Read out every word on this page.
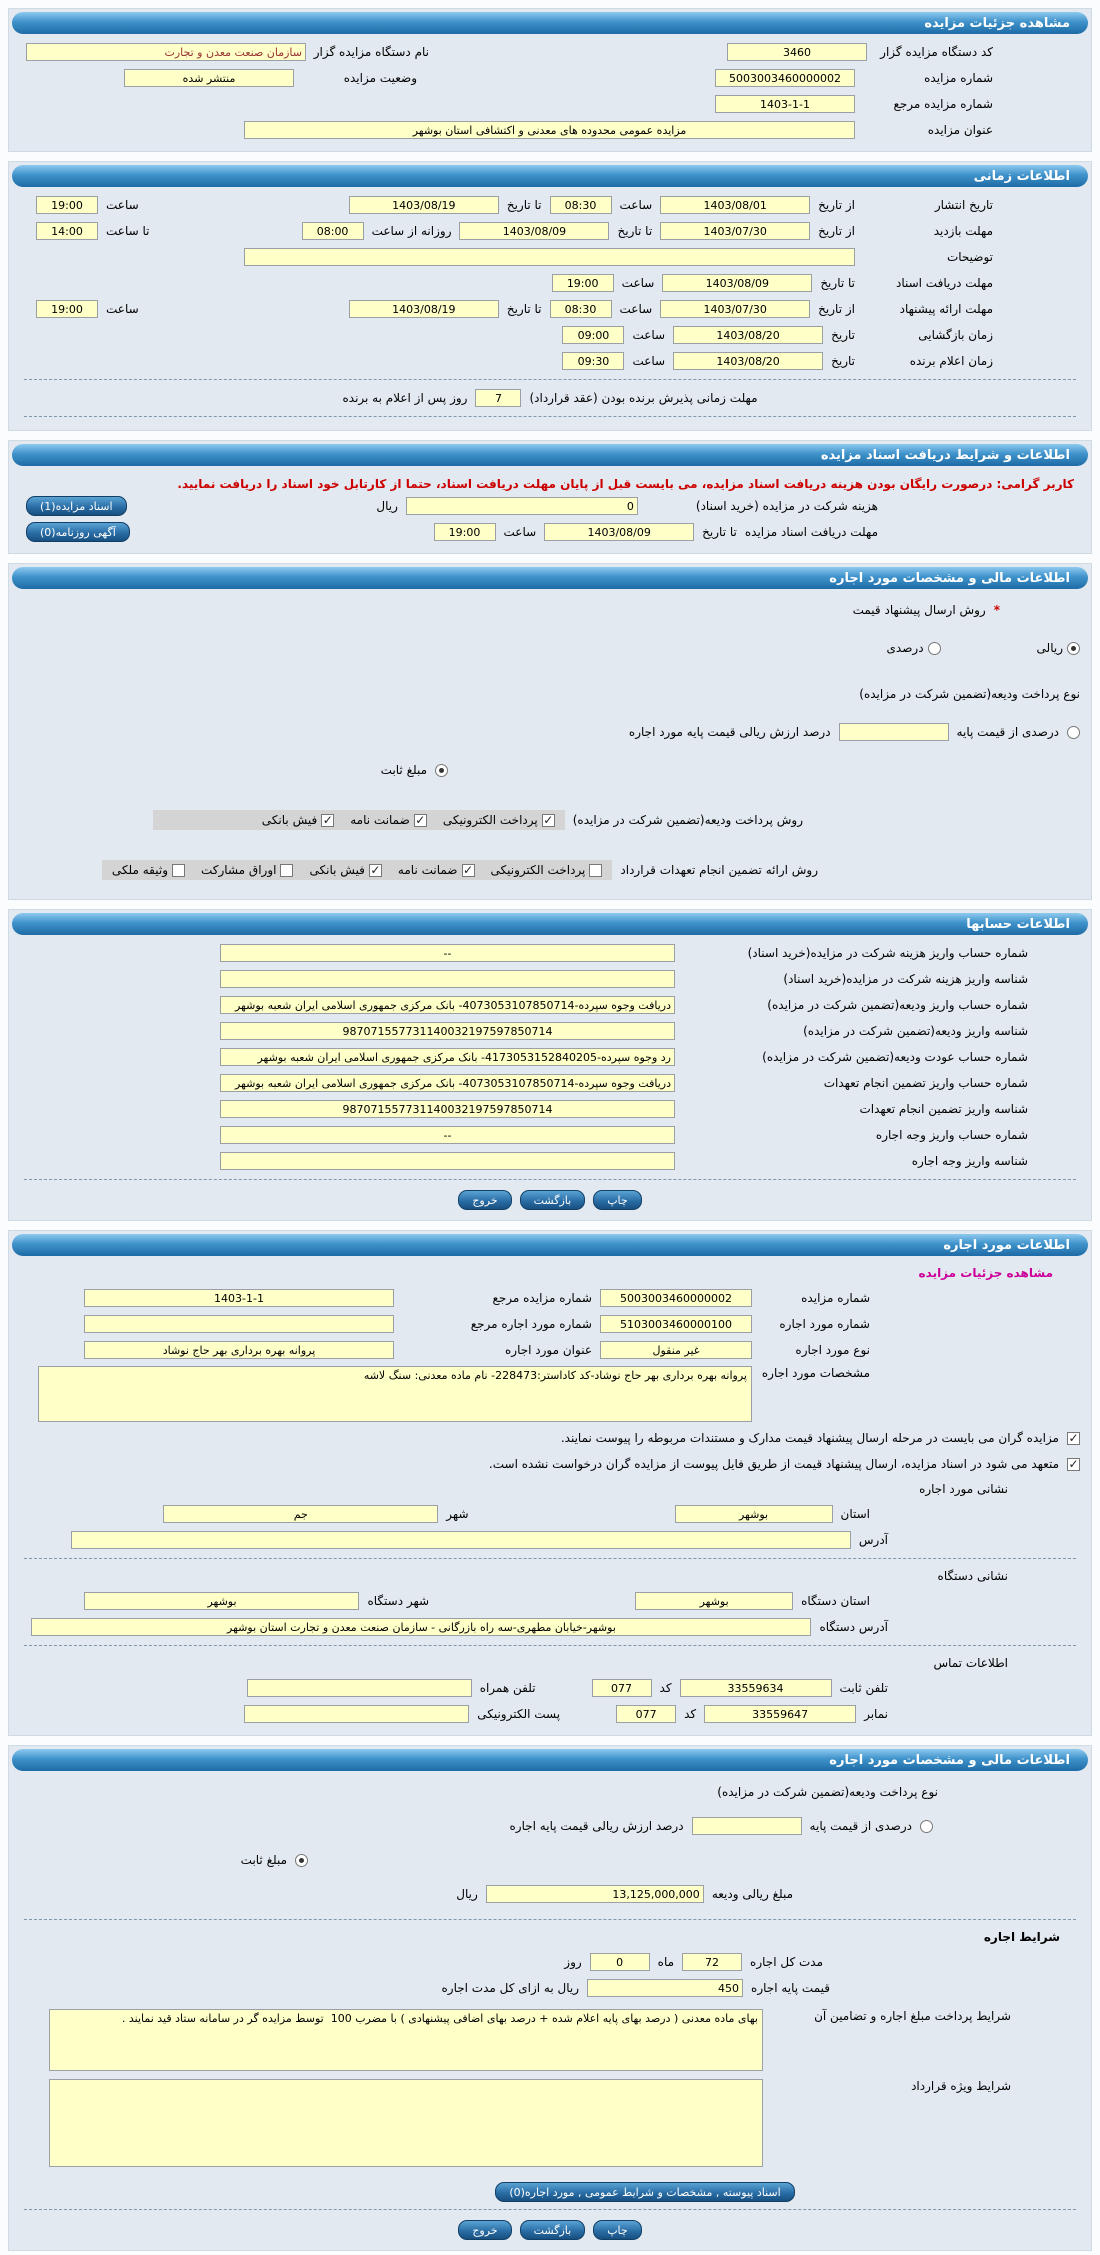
مشاهده جزئیات مزایده
کد دستگاه مزایده گزار
3460
نام دستگاه مزایده گزار
سازمان صنعت معدن و تجارت
شماره مزایده
5003003460000002
وضعیت مزایده
منتشر شده
شماره مزایده مرجع
1403-1-1
عنوان مزایده
مزایده عمومی محدوده های معدنی و اکتشافی استان بوشهر
اطلاعات زمانی
تاریخ انتشار
از تاریخ
1403/08/01
ساعت
08:30
تا تاریخ
1403/08/19
ساعت
19:00
مهلت بازدید
از تاریخ
1403/07/30
تا تاریخ
1403/08/09
روزانه از ساعت
08:00
تا ساعت
14:00
توضیحات
مهلت دریافت اسناد
تا تاریخ
1403/08/09
ساعت
19:00
مهلت ارائه پیشنهاد
از تاریخ
1403/07/30
ساعت
08:30
تا تاریخ
1403/08/19
ساعت
19:00
زمان بازگشایی
تاریخ
1403/08/20
ساعت
09:00
زمان اعلام برنده
تاریخ
1403/08/20
ساعت
09:30
مهلت زمانی پذیرش برنده بودن (عقد قرارداد)
7
روز پس از اعلام به برنده
اطلاعات و شرایط دریافت اسناد مزایده
کاربر گرامی: درصورت رایگان بودن هزینه دریافت اسناد مزایده، می بایست قبل از پایان مهلت دریافت اسناد، حتما از کارتابل خود اسناد را دریافت نمایید.
هزینه شرکت در مزایده (خرید اسناد)
0
ریال
اسناد مزایده(1)
مهلت دریافت اسناد مزایده
تا تاریخ
1403/08/09
ساعت
19:00
آگهی روزنامه(0)
اطلاعات مالی و مشخصات مورد اجاره
*
روش ارسال پیشنهاد قیمت
ریالی
درصدی
نوع پرداخت ودیعه(تضمین شرکت در مزایده)
درصدی از قیمت پایه
درصد ارزش ریالی قیمت پایه مورد اجاره
مبلغ ثابت
روش پرداخت ودیعه(تضمین شرکت در مزایده)
✓
پرداخت الکترونیکی
✓
ضمانت نامه
✓
فیش بانکی
روش ارائه تضمین انجام تعهدات قرارداد
پرداخت الکترونیکی
✓
ضمانت نامه
✓
فیش بانکی
اوراق مشارکت
وثیقه ملکی
اطلاعات حسابها
شماره حساب واریز هزینه شرکت در مزایده(خرید اسناد)
--
شناسه واریز هزینه شرکت در مزایده(خرید اسناد)
شماره حساب واریز ودیعه(تضمین شرکت در مزایده)
دریافت وجوه سپرده-4073053107850714- بانک مرکزی جمهوری اسلامی ایران شعبه بوشهر
شناسه واریز ودیعه(تضمین شرکت در مزایده)
987071557731140032197597850714
شماره حساب عودت ودیعه(تضمین شرکت در مزایده)
رد وجوه سپرده-4173053152840205- بانک مرکزی جمهوری اسلامی ایران شعبه بوشهر
شماره حساب واریز تضمین انجام تعهدات
دریافت وجوه سپرده-4073053107850714- بانک مرکزی جمهوری اسلامی ایران شعبه بوشهر
شناسه واریز تضمین انجام تعهدات
987071557731140032197597850714
شماره حساب واریز وجه اجاره
--
شناسه واریز وجه اجاره
چاپ
بازگشت
خروج
اطلاعات مورد اجاره
مشاهده جزئیات مزایده
شماره مزایده
5003003460000002
شماره مزایده مرجع
1403-1-1
شماره مورد اجاره
5103003460000100
شماره مورد اجاره مرجع
نوع مورد اجاره
غیر منقول
عنوان مورد اجاره
پروانه بهره برداری بهر حاج نوشاد
مشخصات مورد اجاره
پروانه بهره برداری بهر حاج نوشاد-کد کاداستر:228473- نام ماده معدنی: سنگ لاشه
✓
مزایده گران می بایست در مرحله ارسال پیشنهاد قیمت مدارک و مستندات مربوطه را پیوست نمایند.
✓
متعهد می شود در اسناد مزایده، ارسال پیشنهاد قیمت از طریق فایل پیوست از مزایده گران درخواست نشده است.
نشانی مورد اجاره
استان
بوشهر
شهر
جم
آدرس
نشانی دستگاه
استان دستگاه
بوشهر
شهر دستگاه
بوشهر
آدرس دستگاه
بوشهر-خیابان مطهری-سه راه بازرگانی - سازمان صنعت معدن و تجارت استان بوشهر
اطلاعات تماس
تلفن ثابت
33559634
کد
077
تلفن همراه
نمابر
33559647
کد
077
پست الکترونیکی
اطلاعات مالی و مشخصات مورد اجاره
نوع پرداخت ودیعه(تضمین شرکت در مزایده)
درصدی از قیمت پایه
درصد ارزش ریالی قیمت پایه اجاره
مبلغ ثابت
مبلغ ریالی ودیعه
13,125,000,000
ریال
شرایط اجاره
مدت کل اجاره
72
ماه
0
روز
قیمت پایه اجاره
450
ریال به ازای کل مدت اجاره
شرایط پرداخت مبلغ اجاره و تضامین آن
بهای ماده معدنی ( درصد بهای پایه اعلام شده + درصد بهای اضافی پیشنهادی ) با مضرب 100 توسط مزایده گر در سامانه ستاد قید نمایند .
شرایط ویژه قرارداد
اسناد پیوسته , مشخصات و شرایط عمومی , مورد اجاره(0)
چاپ
بازگشت
خروج
